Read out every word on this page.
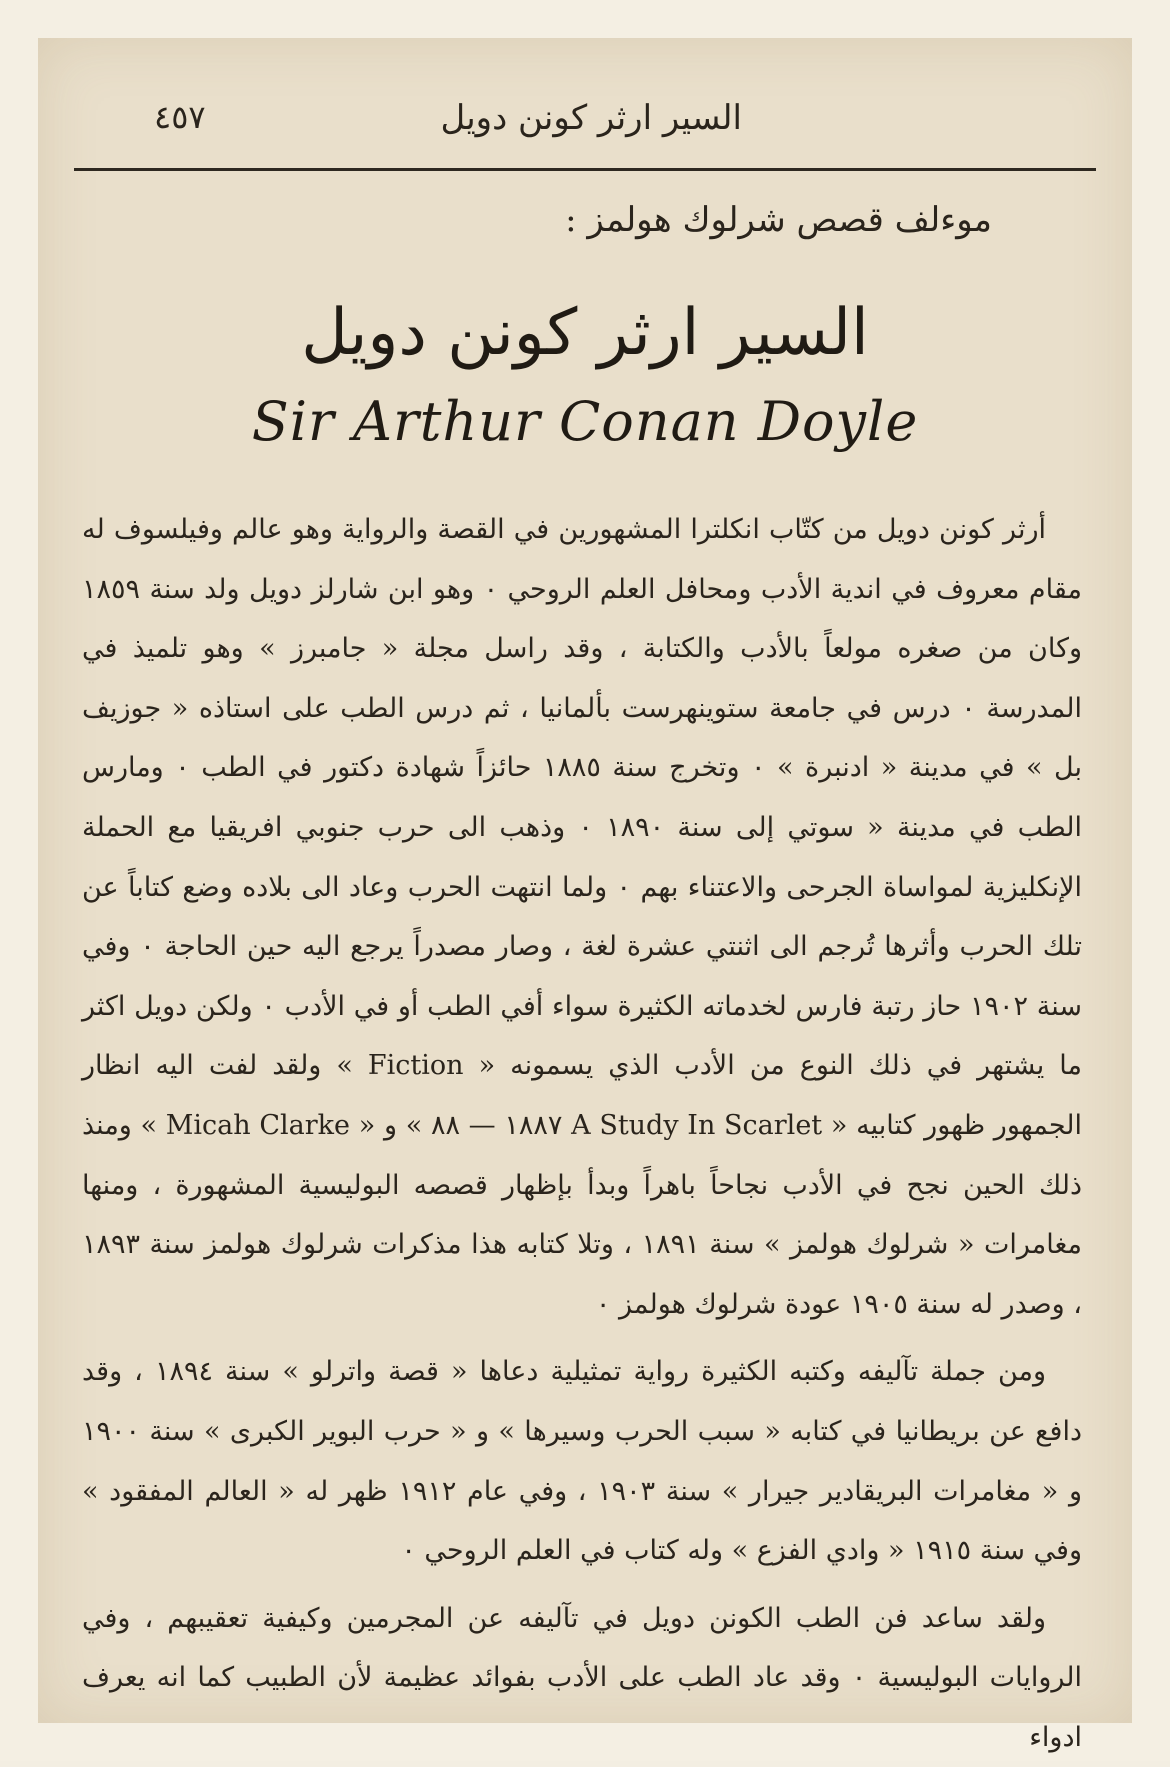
السير ارثر كونن دويل
٤٥٧
موءلف قصص شرلوك هولمز :
السير ارثر كونن دويل
Sir Arthur Conan Doyle

أرثر كونن دويل من كتّاب انكلترا المشهورين في القصة والرواية وهو عالم وفيلسوف له مقام معروف في اندية الأدب ومحافل العلم الروحي ٠ وهو ابن شارلز دويل ولد سنة ١٨٥٩ وكان من صغره مولعاً بالأدب والكتابة ، وقد راسل مجلة « جامبرز » وهو تلميذ في المدرسة ٠ درس في جامعة ستوينهرست بألمانيا ، ثم درس الطب على استاذه « جوزيف بل » في مدينة « ادنبرة » ٠ وتخرج سنة ١٨٨٥ حائزاً شهادة دكتور في الطب ٠ ومارس الطب في مدينة « سوتي إلى سنة ١٨٩٠ ٠ وذهب الى حرب جنوبي افريقيا مع الحملة الإنكليزية لمواساة الجرحى والاعتناء بهم ٠ ولما انتهت الحرب وعاد الى بلاده وضع كتاباً عن تلك الحرب وأثرها تُرجم الى اثنتي عشرة لغة ، وصار مصدراً يرجع اليه حين الحاجة ٠ وفي سنة ١٩٠٢ حاز رتبة فارس لخدماته الكثيرة سواء أفي الطب أو في الأدب ٠ ولكن دويل اكثر ما يشتهر في ذلك النوع من الأدب الذي يسمونه « Fiction » ولقد لفت اليه انظار الجمهور ظهور كتابيه « A Study In Scarlet ١٨٨٧ — ٨٨ » و « Micah Clarke » ومنذ ذلك الحين نجح في الأدب نجاحاً باهراً وبدأ بإظهار قصصه البوليسية المشهورة ، ومنها مغامرات « شرلوك هولمز » سنة ١٨٩١ ، وتلا كتابه هذا مذكرات شرلوك هولمز سنة ١٨٩٣ ، وصدر له سنة ١٩٠٥ عودة شرلوك هولمز ٠

ومن جملة تآليفه وكتبه الكثيرة رواية تمثيلية دعاها « قصة واترلو » سنة ١٨٩٤ ، وقد دافع عن بريطانيا في كتابه « سبب الحرب وسيرها » و « حرب البوير الكبرى » سنة ١٩٠٠ و « مغامرات البريقادير جيرار » سنة ١٩٠٣ ، وفي عام ١٩١٢ ظهر له « العالم المفقود » وفي سنة ١٩١٥ « وادي الفزع » وله كتاب في العلم الروحي ٠

ولقد ساعد فن الطب الكونن دويل في تآليفه عن المجرمين وكيفية تعقيبهم ، وفي الروايات البوليسية ٠ وقد عاد الطب على الأدب بفوائد عظيمة لأن الطبيب كما انه يعرف ادواء
